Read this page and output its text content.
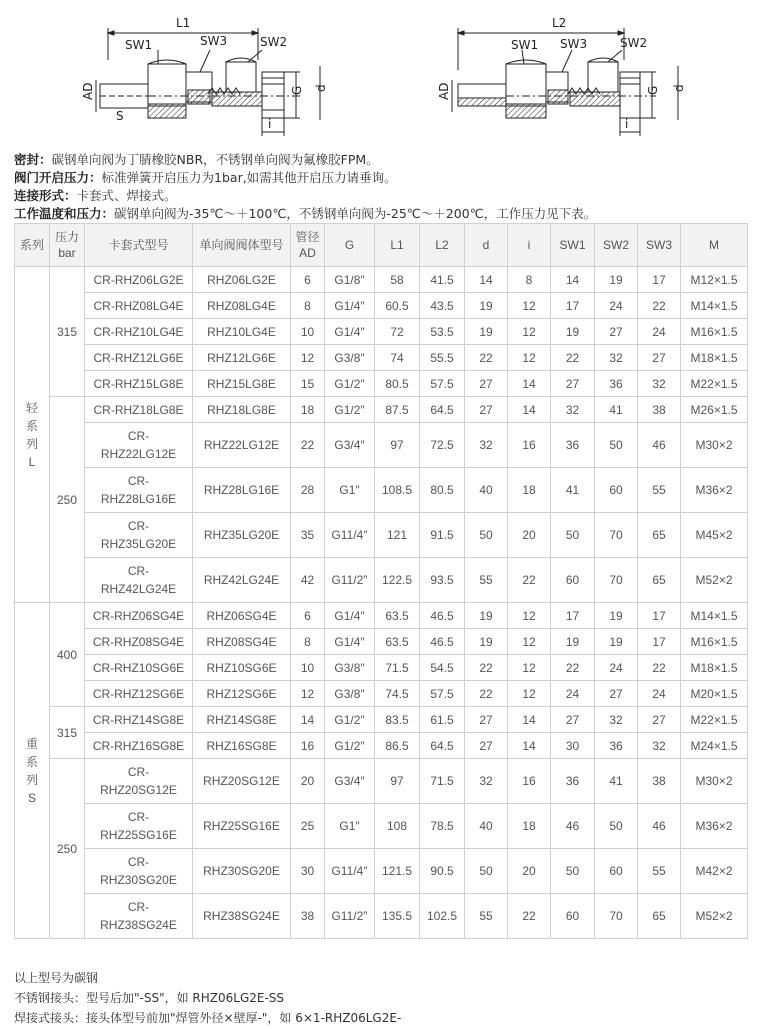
L1
SW1	SW3	SW2
AD
S
G d
i
L2
SW1 SW3	SW2
AD	G d
i
密封：碳钢单向阀为丁腈橡胶NBR，不锈钢单向阀为氟橡胶FPM。
阀门开启压力：标准弹簧开启压力为1bar,如需其他开启压力请垂询。
连接形式：卡套式、焊接式。
工作温度和压力：碳钢单向阀为-35℃～＋100℃，不锈钢单向阀为-25℃～＋200℃，工作压力见下表。
系列	压力bar	卡套式型号	单向阀阀体型号	管径AD	G	L1	L2	d	i	SW1	SW2	SW3	M
轻系列L	315	CR-RHZ06LG2E	RHZ06LG2E	6	G1/8″	58	41.5	14	8	14	19	17	M12×1.5
		CR-RHZ08LG4E	RHZ08LG4E	8	G1/4″	60.5	43.5	19	12	17	24	22	M14×1.5
		CR-RHZ10LG4E	RHZ10LG4E	10	G1/4″	72	53.5	19	12	19	27	24	M16×1.5
		CR-RHZ12LG6E	RHZ12LG6E	12	G3/8″	74	55.5	22	12	22	32	27	M18×1.5
		CR-RHZ15LG8E	RHZ15LG8E	15	G1/2″	80.5	57.5	27	14	27	36	32	M22×1.5
	250	CR-RHZ18LG8E	RHZ18LG8E	18	G1/2″	87.5	64.5	27	14	32	41	38	M26×1.5
		CR-
RHZ22LG12E	RHZ22LG12E	22	G3/4″	97	72.5	32	16	36	50	46	M30×2
		CR-
RHZ28LG16E	RHZ28LG16E	28	G1″	108.5	80.5	40	18	41	60	55	M36×2
		CR-
RHZ35LG20E	RHZ35LG20E	35	G11/4″	121	91.5	50	20	50	70	65	M45×2
		CR-
RHZ42LG24E	RHZ42LG24E	42	G11/2″	122.5	93.5	55	22	60	70	65	M52×2
重系列S	400	CR-RHZ06SG4E	RHZ06SG4E	6	G1/4″	63.5	46.5	19	12	17	19	17	M14×1.5
		CR-RHZ08SG4E	RHZ08SG4E	8	G1/4″	63.5	46.5	19	12	19	19	17	M16×1.5
		CR-RHZ10SG6E	RHZ10SG6E	10	G3/8″	71.5	54.5	22	12	22	24	22	M18×1.5
		CR-RHZ12SG6E	RHZ12SG6E	12	G3/8″	74.5	57.5	22	12	24	27	24	M20×1.5
	315	CR-RHZ14SG8E	RHZ14SG8E	14	G1/2″	83.5	61.5	27	14	27	32	27	M22×1.5
		CR-RHZ16SG8E	RHZ16SG8E	16	G1/2″	86.5	64.5	27	14	30	36	32	M24×1.5
	250	CR-
RHZ20SG12E	RHZ20SG12E	20	G3/4″	97	71.5	32	16	36	41	38	M30×2
		CR-
RHZ25SG16E	RHZ25SG16E	25	G1″	108	78.5	40	18	46	50	46	M36×2
		CR-
RHZ30SG20E	RHZ30SG20E	30	G11/4″	121.5	90.5	50	20	50	60	55	M42×2
		CR-
RHZ38SG24E	RHZ38SG24E	38	G11/2″	135.5	102.5	55	22	60	70	65	M52×2
以上型号为碳钢
不锈钢接头：型号后加"-SS"，如 RHZ06LG2E-SS
焊接式接头：接头体型号前加"焊管外径×壁厚-"，如 6×1-RHZ06LG2E-
